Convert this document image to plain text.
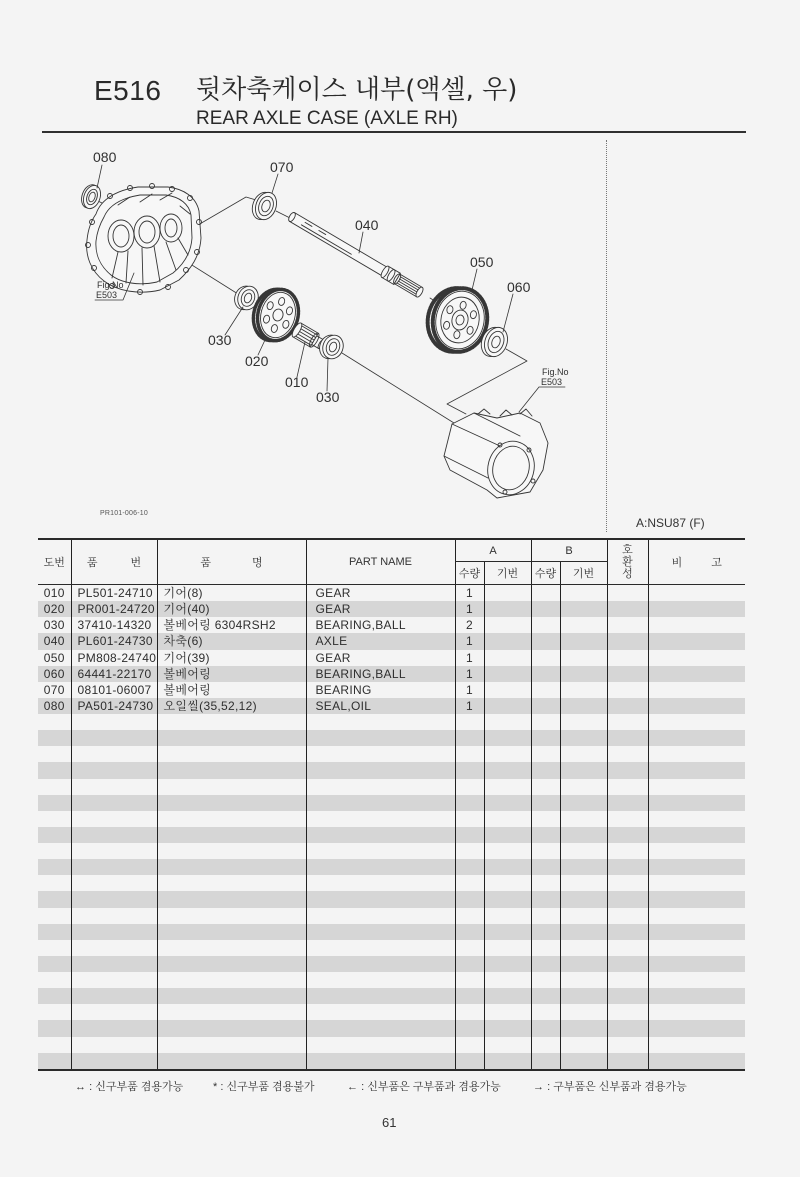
E516 뒷차축케이스 내부(액셀, 우)
REAR AXLE CASE (AXLE RH)
080
070
040
050
060
030
020
010
030
Fig.No
E503
Fig.No
E503
PR101-006-10
A:NSU87 (F)
도번	품 번	품 명	PART NAME	A		B		호환성	비 고
				수량	기번	수량	기번		
010	PL501-24710	기어(8)	GEAR	1					
020	PR001-24720	기어(40)	GEAR	1					
030	37410-14320	볼베어링 6304RSH2	BEARING,BALL	2					
040	PL601-24730	차축(6)	AXLE	1					
050	PM808-24740	기어(39)	GEAR	1					
060	64441-22170	볼베어링	BEARING,BALL	1					
070	08101-06007	볼베어링	BEARING	1					
080	PA501-24730	오일씰(35,52,12)	SEAL,OIL	1					

↔ : 신구부품 겸용가능	* : 신구부품 겸용불가	← : 신부품은 구부품과 겸용가능	→ : 구부품은 신부품과 겸용가능
61
